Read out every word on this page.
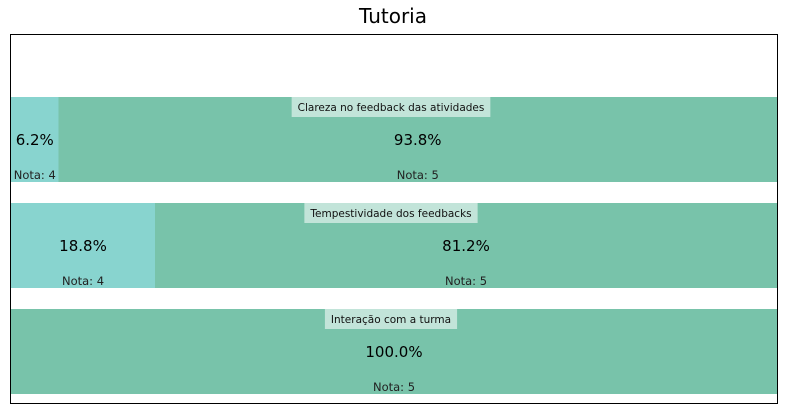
Tutoria
6.2%
Nota: 4
93.8%
Nota: 5
Clareza no feedback das atividades
18.8%
Nota: 4
81.2%
Nota: 5
Tempestividade dos feedbacks
100.0%
Nota: 5
Interação com a turma
